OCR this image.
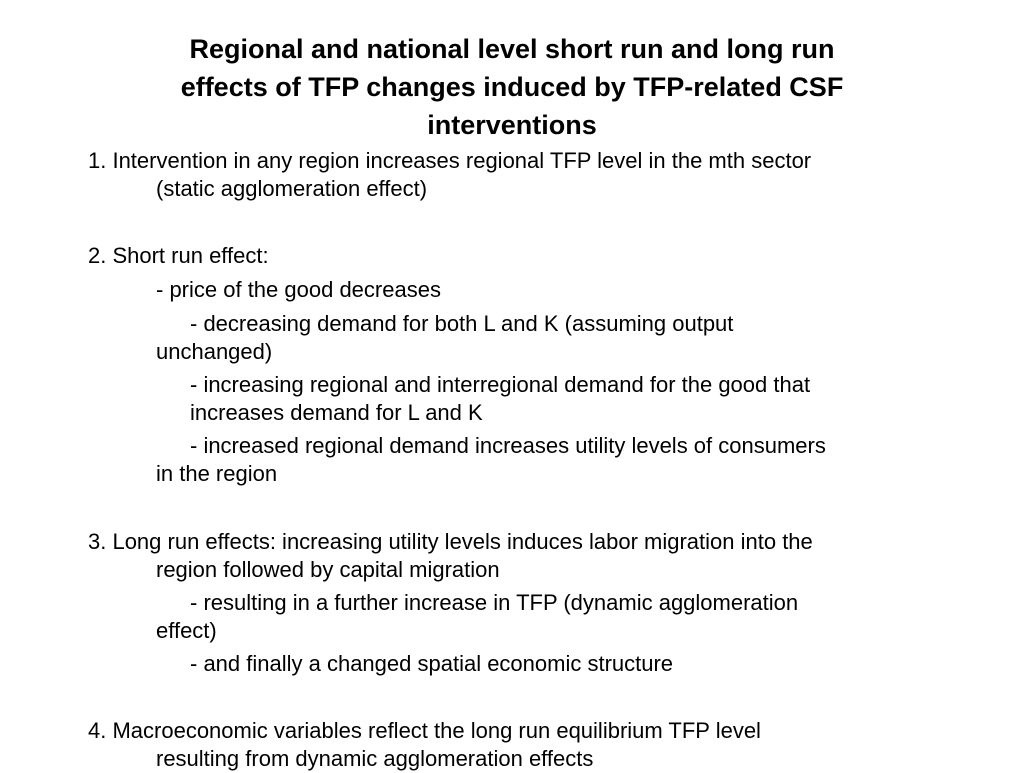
Regional and national level short run and long run
effects of TFP changes induced by TFP-related CSF
interventions
1. Intervention in any region increases regional TFP level in the mth sector
(static agglomeration effect)
2. Short run effect:
- price of the good decreases
- decreasing demand for both L and K (assuming output
unchanged)
- increasing regional and interregional demand for the good that
increases demand for L and K
- increased regional demand increases utility levels of consumers
in the region
3. Long run effects: increasing utility levels induces labor migration into the
region followed by capital migration
- resulting in a further increase in TFP (dynamic agglomeration
effect)
- and finally a changed spatial economic structure
4. Macroeconomic variables reflect the long run equilibrium TFP level
resulting from dynamic agglomeration effects
